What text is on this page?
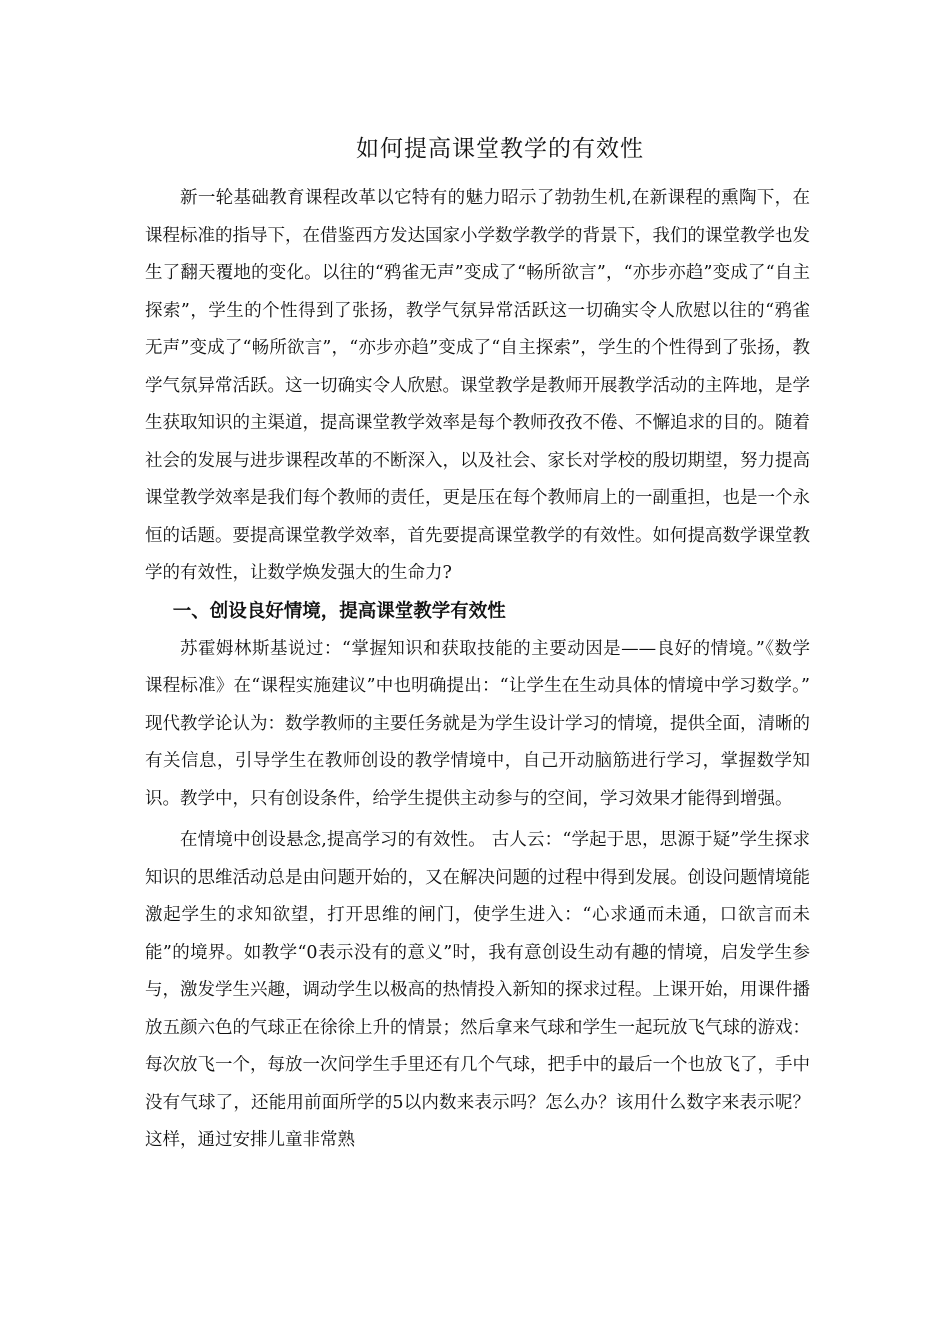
如何提高课堂教学的有效性

新一轮基础教育课程改革以它特有的魅力昭示了勃勃生机,在新课程的熏陶下，在课程标准的指导下，在借鉴西方发达国家小学数学教学的背景下，我们的课堂教学也发生了翻天覆地的变化。以往的“鸦雀无声”变成了“畅所欲言”，“亦步亦趋”变成了“自主探索”，学生的个性得到了张扬，教学气氛异常活跃这一切确实令人欣慰以往的“鸦雀无声”变成了“畅所欲言”，“亦步亦趋”变成了“自主探索”，学生的个性得到了张扬，教学气氛异常活跃。这一切确实令人欣慰。课堂教学是教师开展教学活动的主阵地，是学生获取知识的主渠道，提高课堂教学效率是每个教师孜孜不倦、不懈追求的目的。随着社会的发展与进步课程改革的不断深入，以及社会、家长对学校的殷切期望，努力提高课堂教学效率是我们每个教师的责任，更是压在每个教师肩上的一副重担，也是一个永恒的话题。要提高课堂教学效率，首先要提高课堂教学的有效性。如何提高数学课堂教学的有效性，让数学焕发强大的生命力?

一、创设良好情境，提高课堂教学有效性

苏霍姆林斯基说过：“掌握知识和获取技能的主要动因是——良好的情境。”《数学课程标准》在“课程实施建议”中也明确提出：“让学生在生动具体的情境中学习数学。” 现代教学论认为：数学教师的主要任务就是为学生设计学习的情境，提供全面，清晰的有关信息，引导学生在教师创设的教学情境中，自己开动脑筋进行学习，掌握数学知识。教学中，只有创设条件，给学生提供主动参与的空间，学习效果才能得到增强。

在情境中创设悬念,提高学习的有效性。 古人云：“学起于思，思源于疑”学生探求知识的思维活动总是由问题开始的，又在解决问题的过程中得到发展。创设问题情境能激起学生的求知欲望，打开思维的闸门，使学生进入：“心求通而未通，口欲言而未能”的境界。如教学“0表示没有的意义”时，我有意创设生动有趣的情境，启发学生参与，激发学生兴趣，调动学生以极高的热情投入新知的探求过程。上课开始，用课件播放五颜六色的气球正在徐徐上升的情景；然后拿来气球和学生一起玩放飞气球的游戏：每次放飞一个，每放一次问学生手里还有几个气球，把手中的最后一个也放飞了，手中没有气球了，还能用前面所学的5以内数来表示吗？怎么办？该用什么数字来表示呢？这样，通过安排儿童非常熟
